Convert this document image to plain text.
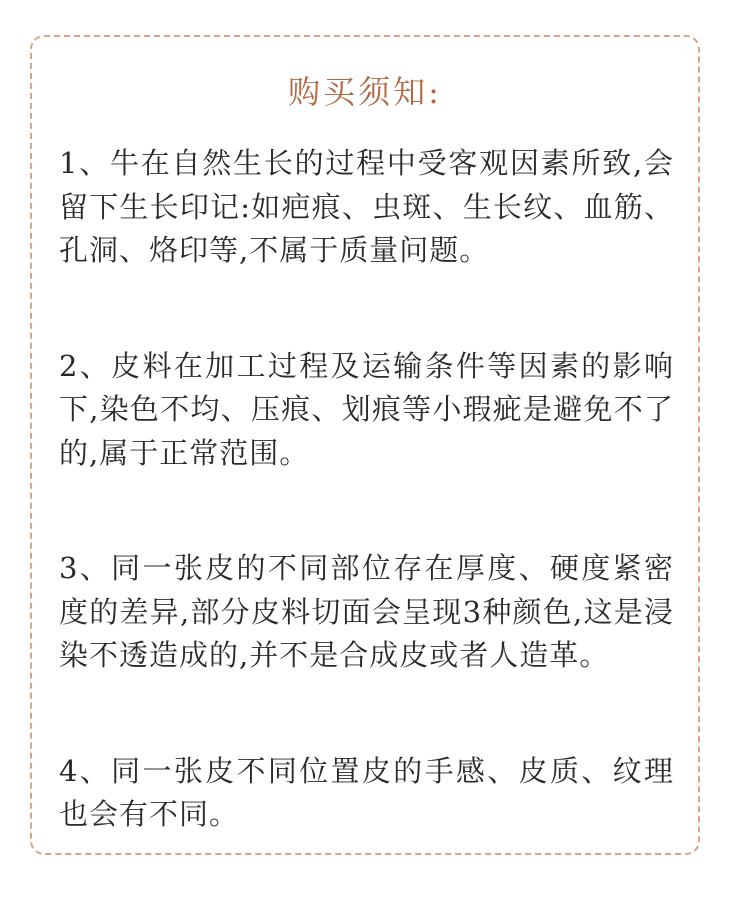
购买须知:
1、牛在自然生长的过程中受客观因素所致,会留下生长印记:如疤痕、虫斑、生长纹、血筋、孔洞、烙印等,不属于质量问题。
2、皮料在加工过程及运输条件等因素的影响下,染色不均、压痕、划痕等小瑕疵是避免不了的,属于正常范围。
3、同一张皮的不同部位存在厚度、硬度紧密度的差异,部分皮料切面会呈现3种颜色,这是浸染不透造成的,并不是合成皮或者人造革。
4、同一张皮不同位置皮的手感、皮质、纹理也会有不同。
